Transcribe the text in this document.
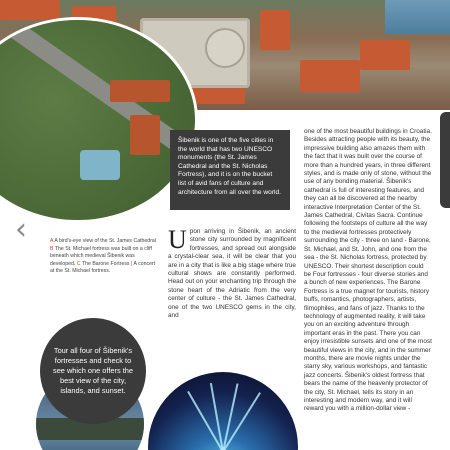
Šibenik is one of the five cities in the world that has two UNESCO monuments (the St. James Cathedral and the St. Nicholas Fortress), and it is on the bucket list of avid fans of culture and architecture from all over the world.
‹	A A bird's-eye view of the St. James Cathedral B The St. Michael fortress was built on a cliff beneath which medieval Šibenik was developed. C The Barone Fortress | A concert at the St. Michael fortress.
Upon arriving in Šibenik, an ancient stone city surrounded by magnificent fortresses, and spread out alongside a crystal-clear sea, it will be clear that you are in a city that is like a big stage where true cultural shows are constantly performed. Head out on your enchanting trip through the stone heart of the Adriatic from the very center of culture - the St. James Cathedral, one of the two UNESCO gems in the city, and
one of the most beautiful buildings in Croatia. Besides attracting people with its beauty, the impressive building also amazes them with the fact that it was built over the course of more than a hundred years, in three different styles, and is made only of stone, without the use of any bonding material. Šibenik's cathedral is full of interesting features, and they can all be discovered at the nearby interactive Interpretation Center of the St. James Cathedral, Civitas Sacra. Continue following the footsteps of culture all the way to the medieval fortresses protectively surrounding the city - three on land - Barone, St. Michael, and St. John, and one from the sea - the St. Nicholas fortress, protected by UNESCO. Their shortest description could be Four fortresses - four diverse stories and a bunch of new experiences. The Barone Fortress is a true magnet for tourists, history buffs, romantics, photographers, artists, filmophiles, and fans of jazz. Thanks to the technology of augmented reality, it will take you on an exciting adventure through important eras in the past. There you can enjoy irresistible sunsets and one of the most beautiful views in the city, and in the summer months, there are movie nights under the starry sky, various workshops, and fantastic jazz concerts. Šibenik's oldest fortress that bears the name of the heavenly protector of the city, St. Michael, tells its story in an interesting and modern way, and it will reward you with a million-dollar view -
Tour all four of Šibenik's fortresses and check to see which one offers the best view of the city, islands, and sunset.
